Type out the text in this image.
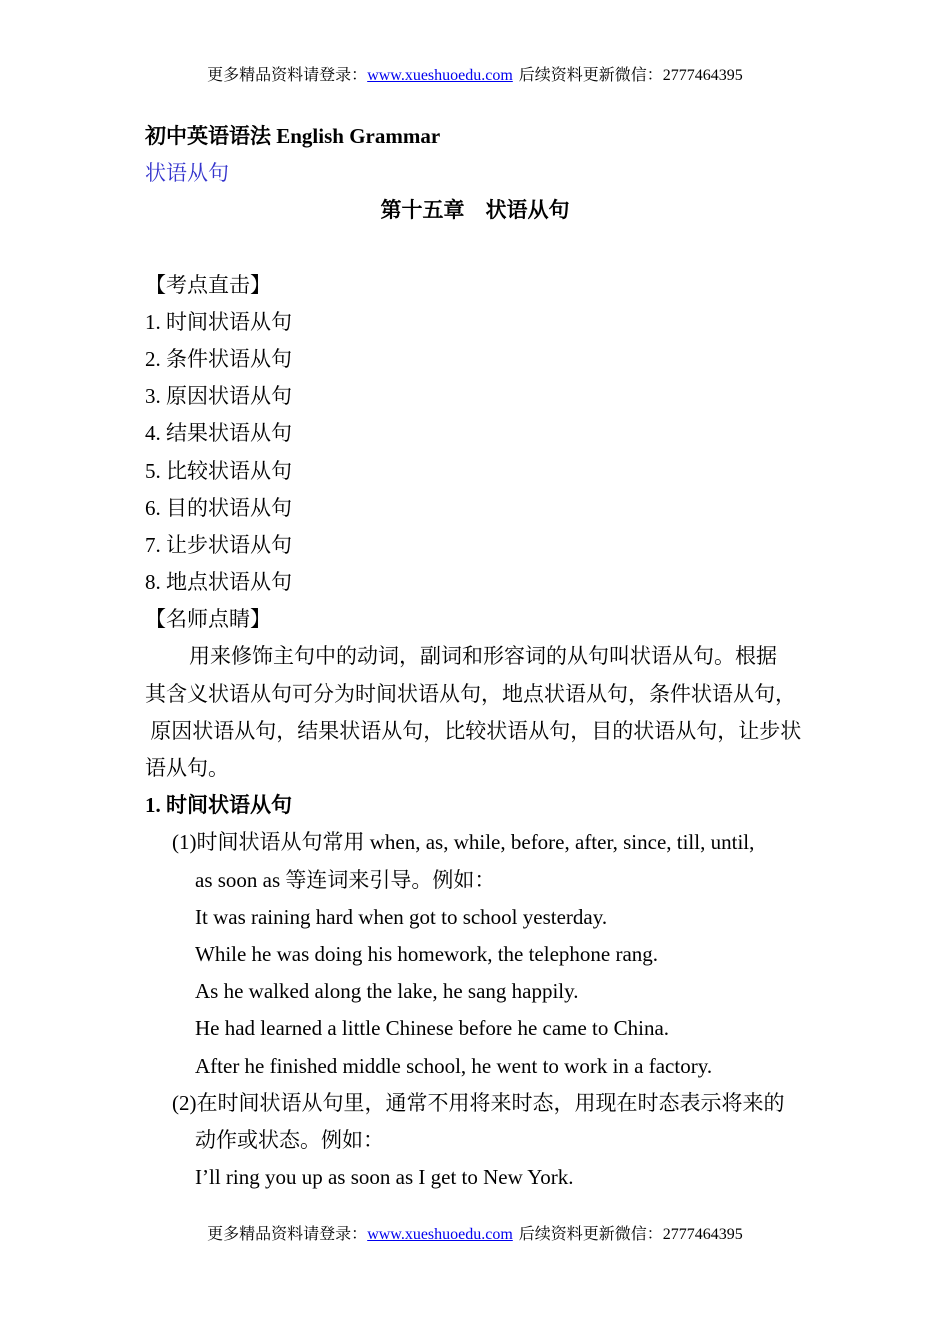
更多精品资料请登录：www.xueshuoedu.com 后续资料更新微信：2777464395
初中英语语法 English Grammar
状语从句
第十五章　状语从句
【考点直击】
1. 时间状语从句
2. 条件状语从句
3. 原因状语从句
4. 结果状语从句
5. 比较状语从句
6. 目的状语从句
7. 让步状语从句
8. 地点状语从句
【名师点睛】
用来修饰主句中的动词，副词和形容词的从句叫状语从句。根据
其含义状语从句可分为时间状语从句，地点状语从句，条件状语从句，
原因状语从句，结果状语从句，比较状语从句，目的状语从句，让步状
语从句。
1. 时间状语从句
(1)时间状语从句常用 when, as, while, before, after, since, till, until,
as soon as 等连词来引导。例如：
It was raining hard when got to school yesterday.
While he was doing his homework, the telephone rang.
As he walked along the lake, he sang happily.
He had learned a little Chinese before he came to China.
After he finished middle school, he went to work in a factory.
(2)在时间状语从句里，通常不用将来时态，用现在时态表示将来的
动作或状态。例如：
I’ll ring you up as soon as I get to New York.
更多精品资料请登录：www.xueshuoedu.com 后续资料更新微信：2777464395
